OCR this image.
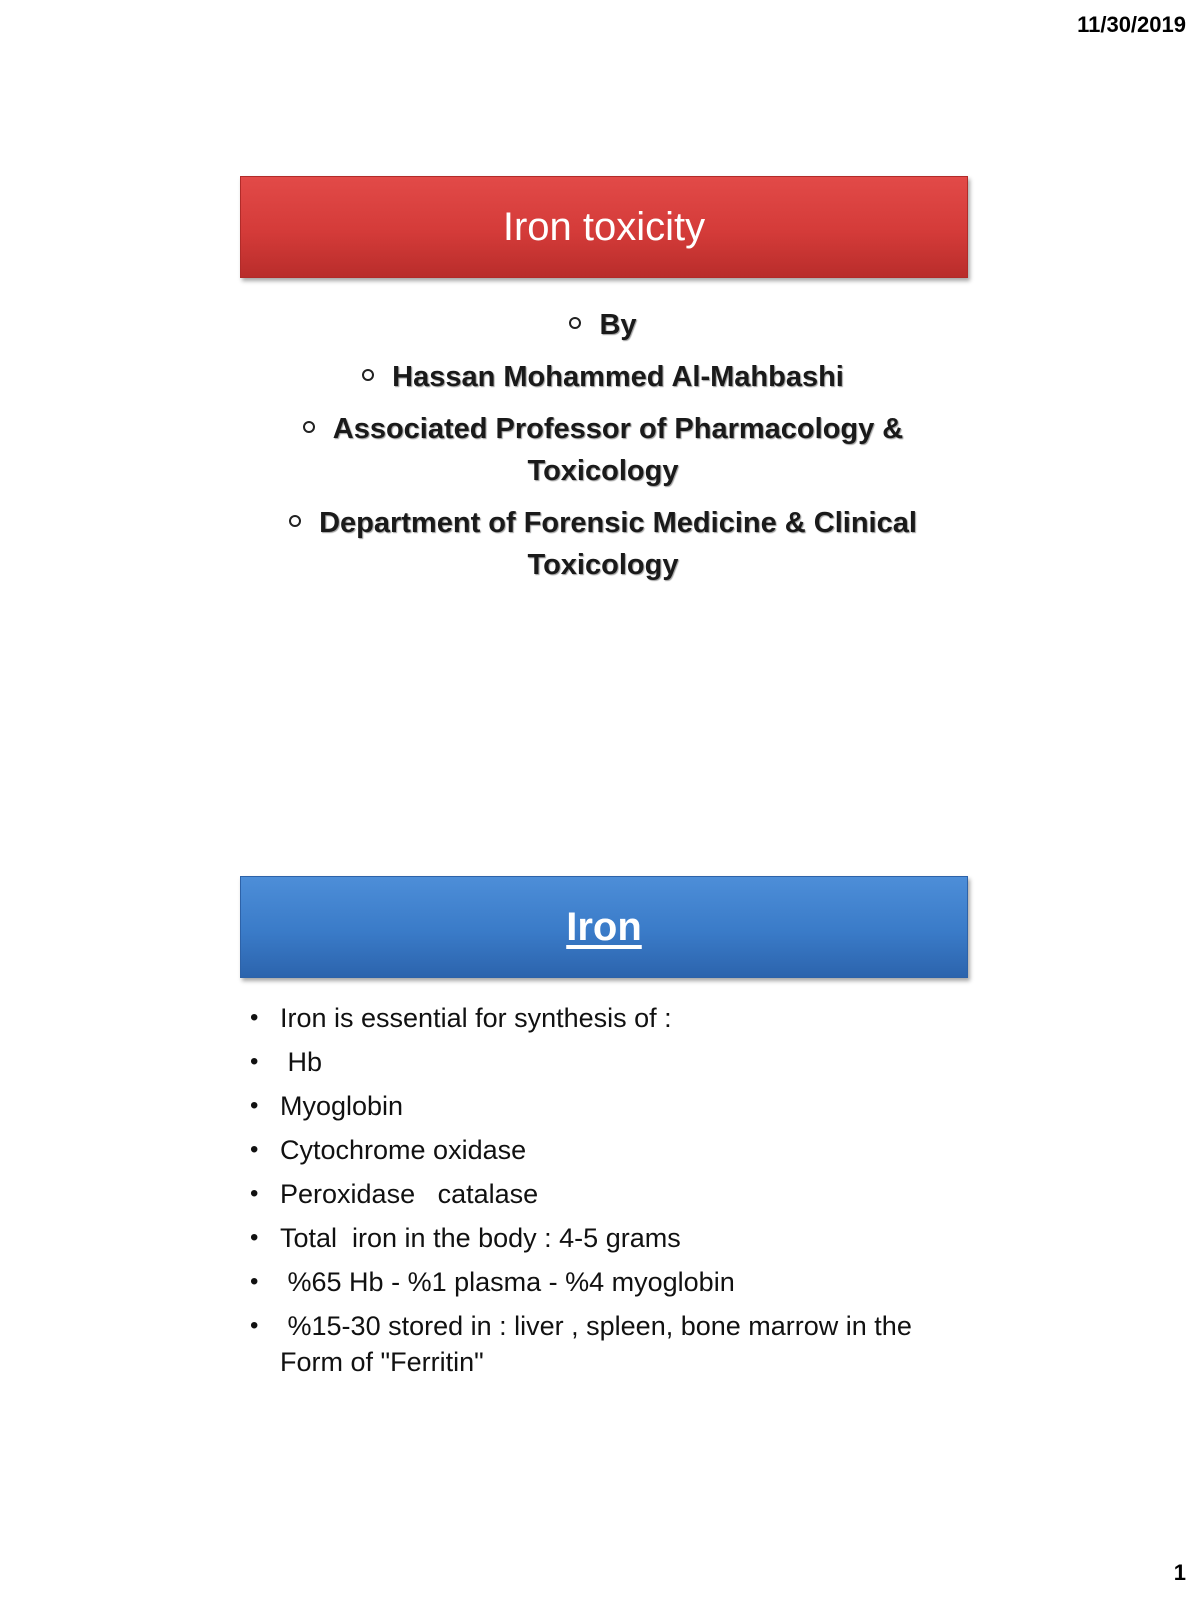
11/30/2019
Iron toxicity
By
Hassan Mohammed Al-Mahbashi
Associated Professor of Pharmacology & Toxicology
Department of Forensic Medicine & Clinical Toxicology
Iron
• Iron is essential for synthesis of :
• Hb
• Myoglobin
• Cytochrome oxidase
• Peroxidase   catalase
• Total  iron in the body : 4-5 grams
• %65 Hb - %1 plasma - %4 myoglobin
• %15-30 stored in : liver , spleen, bone marrow in the Form of "Ferritin"
1
